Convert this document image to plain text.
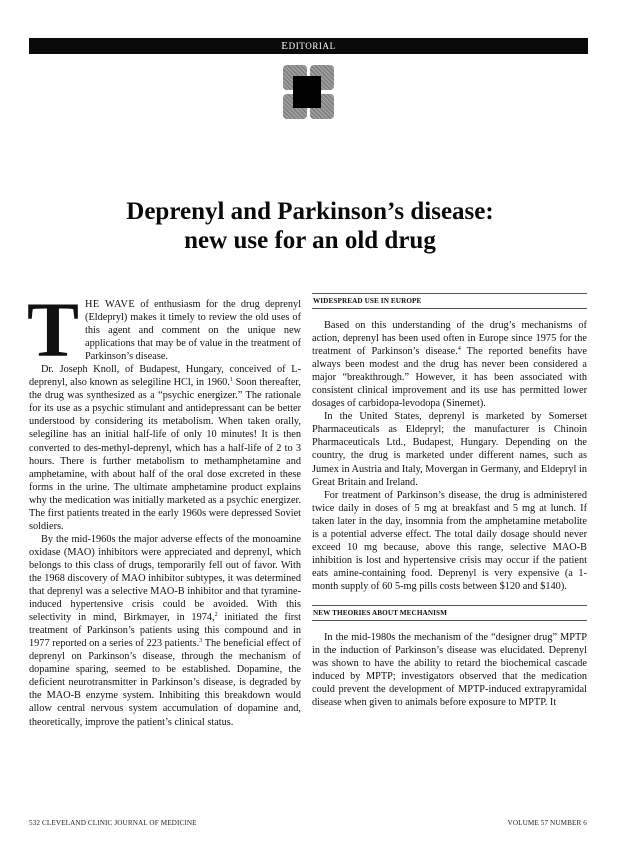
EDITORIAL
Deprenyl and Parkinson’s disease:
new use for an old drug

THE WAVE of enthusiasm for the drug deprenyl (Eldepryl) makes it timely to review the old uses of this agent and comment on the unique new applications that may be of value in the treatment of Parkinson’s disease.

Dr. Joseph Knoll, of Budapest, Hungary, conceived of L-deprenyl, also known as selegiline HCl, in 1960.$^1$ Soon thereafter, the drug was synthesized as a “psychic energizer.” The rationale for its use as a psychic stimulant and antidepressant can be better understood by considering its metabolism. When taken orally, selegiline has an initial half-life of only 10 minutes! It is then converted to des-methyl-deprenyl, which has a half-life of 2 to 3 hours. There is further metabolism to methamphetamine and amphetamine, with about half of the oral dose excreted in these forms in the urine. The ultimate amphetamine product explains why the medication was initially marketed as a psychic energizer. The first patients treated in the early 1960s were depressed Soviet soldiers.

By the mid-1960s the major adverse effects of the monoamine oxidase (MAO) inhibitors were appreciated and deprenyl, which belongs to this class of drugs, temporarily fell out of favor. With the 1968 discovery of MAO inhibitor subtypes, it was determined that deprenyl was a selective MAO-B inhibitor and that tyramine-induced hypertensive crisis could be avoided. With this selectivity in mind, Birkmayer, in 1974,$^2$ initiated the first treatment of Parkinson’s patients using this compound and in 1977 reported on a series of 223 patients.$^3$ The beneficial effect of deprenyl on Parkinson’s disease, through the mechanism of dopamine sparing, seemed to be established. Dopamine, the deficient neurotransmitter in Parkinson’s disease, is degraded by the MAO-B enzyme system. Inhibiting this breakdown would allow central nervous system accumulation of dopamine and, theoretically, improve the patient’s clinical status.

WIDESPREAD USE IN EUROPE

Based on this understanding of the drug’s mechanisms of action, deprenyl has been used often in Europe since 1975 for the treatment of Parkinson’s disease.$^4$ The reported benefits have always been modest and the drug has never been considered a major “breakthrough.” However, it has been associated with consistent clinical improvement and its use has permitted lower dosages of carbidopa-levodopa (Sinemet).

In the United States, deprenyl is marketed by Somerset Pharmaceuticals as Eldepryl; the manufacturer is Chinoin Pharmaceuticals Ltd., Budapest, Hungary. Depending on the country, the drug is marketed under different names, such as Jumex in Austria and Italy, Movergan in Germany, and Eldepryl in Great Britain and Ireland.

For treatment of Parkinson’s disease, the drug is administered twice daily in doses of 5 mg at breakfast and 5 mg at lunch. If taken later in the day, insomnia from the amphetamine metabolite is a potential adverse effect. The total daily dosage should never exceed 10 mg because, above this range, selective MAO-B inhibition is lost and hypertensive crisis may occur if the patient eats amine-containing food. Deprenyl is very expensive (a 1-month supply of 60 5-mg pills costs between $120 and $140).

NEW THEORIES ABOUT MECHANISM

In the mid-1980s the mechanism of the “designer drug” MPTP in the induction of Parkinson’s disease was elucidated. Deprenyl was shown to have the ability to retard the biochemical cascade induced by MPTP; investigators observed that the medication could prevent the development of MPTP-induced extrapyramidal disease when given to animals before exposure to MPTP. It

532 CLEVELAND CLINIC JOURNAL OF MEDICINE	VOLUME 57 NUMBER 6
